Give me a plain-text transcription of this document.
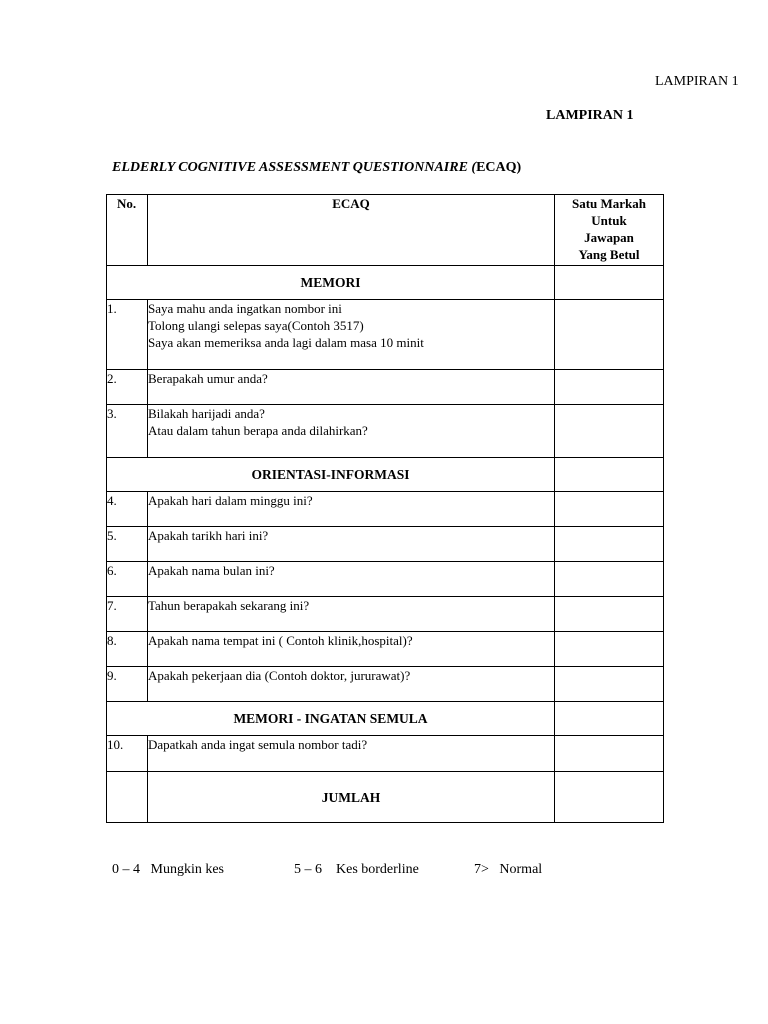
LAMPIRAN 1
LAMPIRAN 1
ELDERLY COGNITIVE ASSESSMENT QUESTIONNAIRE (ECAQ)
No.	ECAQ	Satu Markah
Untuk
Jawapan
Yang Betul

MEMORI		
1.	Saya mahu anda ingatkan nombor ini
Tolong ulangi selepas saya(Contoh 3517)
Saya akan memeriksa anda lagi dalam masa 10 minit	

2.	Berapakah umur anda?	

3.	Bilakah harijadi anda?
Atau dalam tahun berapa anda dilahirkan?	

ORIENTASI-INFORMASI		
4.	Apakah hari dalam minggu ini?	

5.	Apakah tarikh hari ini?	

6.	Apakah nama bulan ini?	

7.	Tahun berapakah sekarang ini?	

8.	Apakah nama tempat ini ( Contoh klinik,hospital)?	

9.	Apakah pekerjaan dia (Contoh doktor, jururawat)?	

MEMORI - INGATAN SEMULA		
10.	Dapatkah anda ingat semula nombor tadi?	

	JUMLAH	
0 – 4 Mungkin kes	5 – 6 Kes borderline	7> Normal
